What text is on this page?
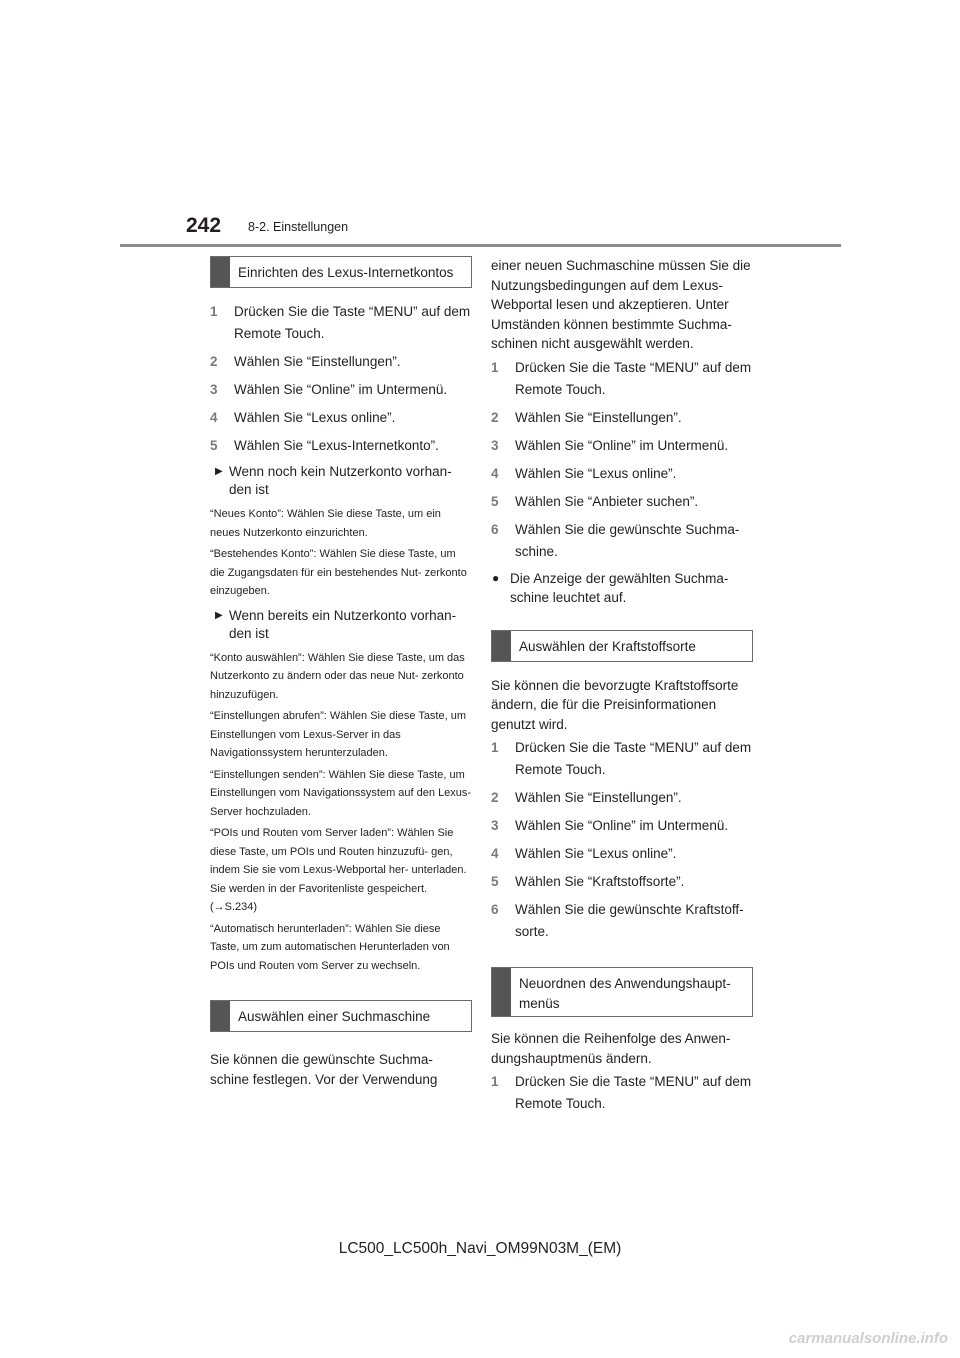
242 8-2. Einstellungen
Einrichten des Lexus-Internetkontos
1 Drücken Sie die Taste “MENU” auf dem Remote Touch.
2 Wählen Sie “Einstellungen”.
3 Wählen Sie “Online” im Untermenü.
4 Wählen Sie “Lexus online”.
5 Wählen Sie “Lexus-Internetkonto”.
▶ Wenn noch kein Nutzerkonto vorhan- den ist

“Neues Konto”: Wählen Sie diese Taste, um ein neues Nutzerkonto einzurichten.

“Bestehendes Konto”: Wählen Sie diese Taste, um die Zugangsdaten für ein bestehendes Nut- zerkonto einzugeben.

▶ Wenn bereits ein Nutzerkonto vorhan- den ist

“Konto auswählen”: Wählen Sie diese Taste, um das Nutzerkonto zu ändern oder das neue Nut- zerkonto hinzuzufügen.

“Einstellungen abrufen”: Wählen Sie diese Taste, um Einstellungen vom Lexus-Server in das Navigationssystem herunterzuladen.

“Einstellungen senden”: Wählen Sie diese Taste, um Einstellungen vom Navigationssystem auf den Lexus-Server hochzuladen.

“POIs und Routen vom Server laden”: Wählen Sie diese Taste, um POIs und Routen hinzuzufü- gen, indem Sie sie vom Lexus-Webportal her- unterladen. Sie werden in der Favoritenliste gespeichert. (→S.234)

“Automatisch herunterladen”: Wählen Sie diese Taste, um zum automatischen Herunterladen von POIs und Routen vom Server zu wechseln.

Auswählen einer Suchmaschine

Sie können die gewünschte Suchma- schine festlegen. Vor der Verwendung

einer neuen Suchmaschine müssen Sie die Nutzungsbedingungen auf dem Lexus- Webportal lesen und akzeptieren. Unter Umständen können bestimmte Suchma- schinen nicht ausgewählt werden.

1 Drücken Sie die Taste “MENU” auf dem Remote Touch.
2 Wählen Sie “Einstellungen”.
3 Wählen Sie “Online” im Untermenü.
4 Wählen Sie “Lexus online”.
5 Wählen Sie “Anbieter suchen”.
6 Wählen Sie die gewünschte Suchma- schine.
● Die Anzeige der gewählten Suchma- schine leuchtet auf.
Auswählen der Kraftstoffsorte

Sie können die bevorzugte Kraftstoffsorte ändern, die für die Preisinformationen genutzt wird.

1 Drücken Sie die Taste “MENU” auf dem Remote Touch.
2 Wählen Sie “Einstellungen”.
3 Wählen Sie “Online” im Untermenü.
4 Wählen Sie “Lexus online”.
5 Wählen Sie “Kraftstoffsorte”.
6 Wählen Sie die gewünschte Kraftstoff- sorte.
Neuordnen des Anwendungshaupt- menüs

Sie können die Reihenfolge des Anwen- dungshauptmenüs ändern.

1 Drücken Sie die Taste “MENU” auf dem Remote Touch.
LC500_LC500h_Navi_OM99N03M_(EM)
carmanualsonline.info
